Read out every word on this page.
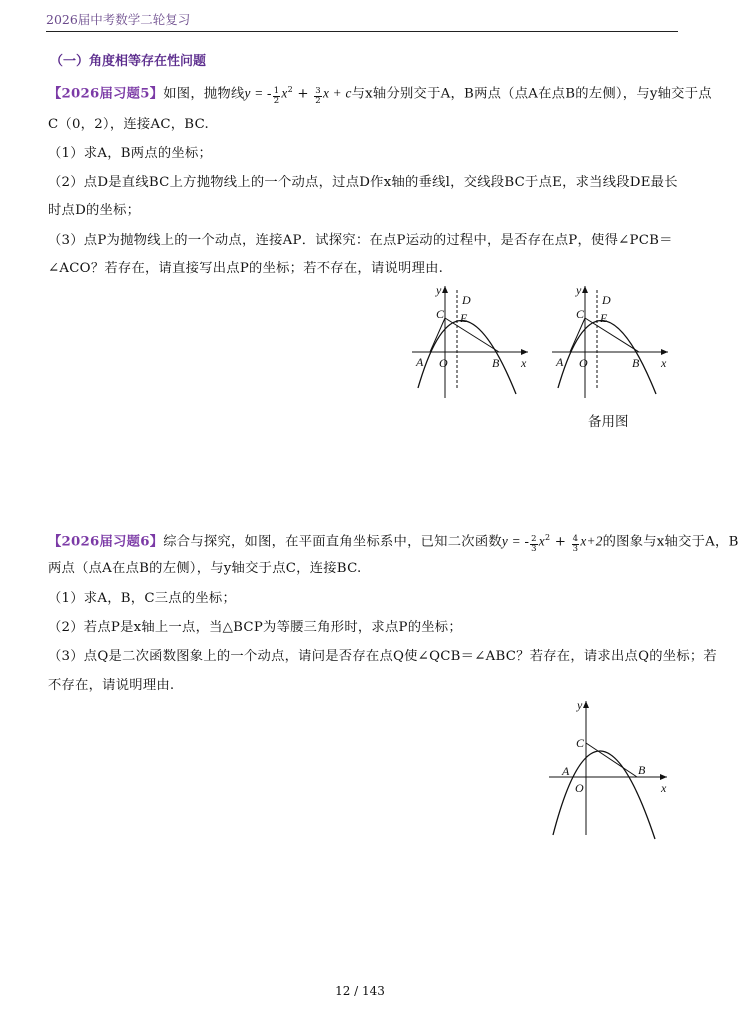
2026届中考数学二轮复习
（一）角度相等存在性问题
【2026届习题5】如图，抛物线y = - $\frac{1}{2} x^2 + \frac{3}{2}$ x + c与x轴分别交于A，B两点（点A在点B的左侧），与y轴交于点
C（0，2），连接AC，BC.
（1）求A，B两点的坐标；
（2）点D是直线BC上方抛物线上的一个动点，过点D作x轴的垂线l，交线段BC于点E，求当线段DE最长
时点D的坐标；
（3）点P为抛物线上的一个动点，连接AP．试探究：在点P运动的过程中，是否存在点P，使得∠PCB＝
∠ACO？若存在，请直接写出点P的坐标；若不存在，请说明理由.
y
x
A O	B
C
D
E
y
x
A O	B
C
D
E
备用图
【2026届习题6】综合与探究，如图，在平面直角坐标系中，已知二次函数y = - $\frac{2}{3} x^2 + \frac{4}{3} x+2$的图象与x轴交于A，B
两点（点A在点B的左侧），与y轴交于点C，连接BC.
（1）求A，B，C三点的坐标；
（2）若点P是x轴上一点，当△BCP为等腰三角形时，求点P的坐标；
（3）点Q是二次函数图象上的一个动点，请问是否存在点Q使∠QCB＝∠ABC？若存在，请求出点Q的坐标；若
不存在，请说明理由.
y
x
A
O
B
C
12 / 143
